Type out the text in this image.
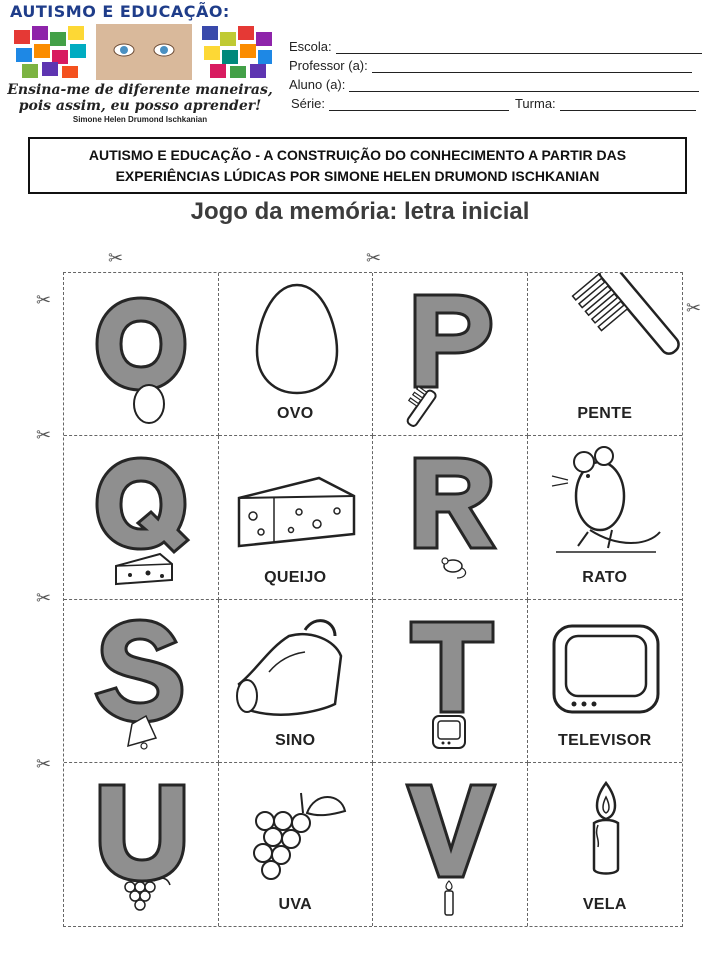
AUTISMO E EDUCAÇÃO:
Ensina-me de diferente maneiras,
pois assim, eu posso aprender!
Simone Helen Drumond Ischkanian
Escola:
Professor (a):
Aluno (a):
Série:	Turma:
AUTISMO E EDUCAÇÃO - A CONSTRUIÇÃO DO CONHECIMENTO A PARTIR DAS
EXPERIÊNCIAS LÚDICAS POR SIMONE HELEN DRUMOND ISCHKANIAN
Jogo da memória: letra inicial
✂	✂
✂	✂
✂
✂
✂
OVO	PENTE
QUEIJO	RATO
SINO	TELEVISOR
UVA	VELA
